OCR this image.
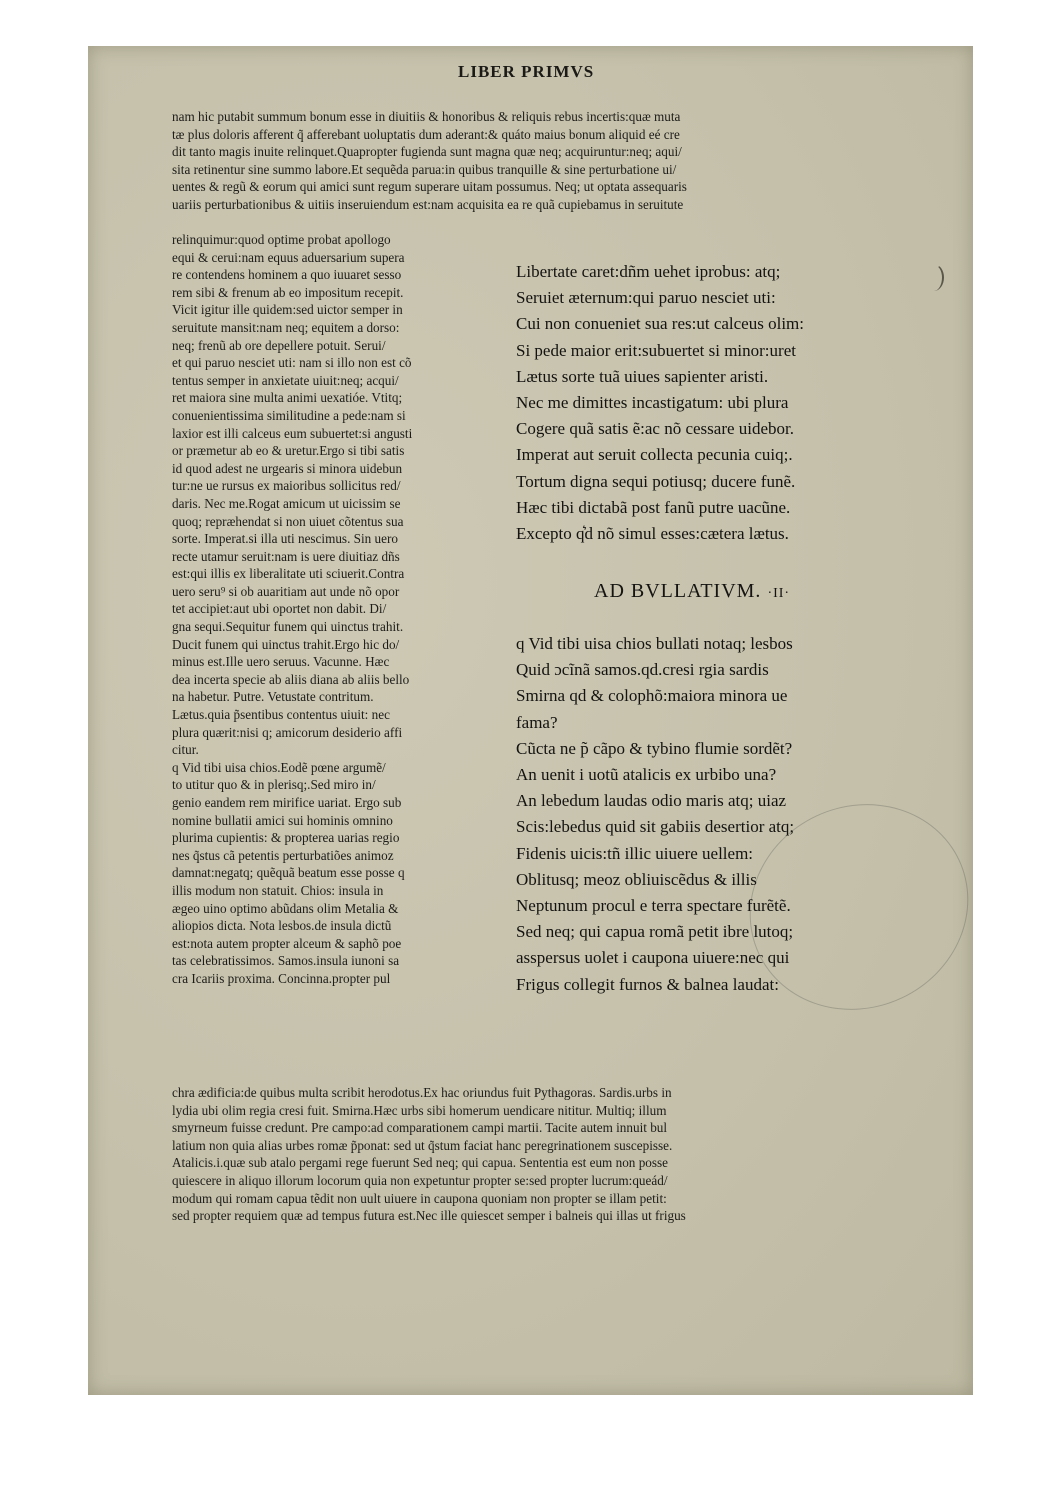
LIBER PRIMVS
nam hic putabit summum bonum esse in diuitiis & honoribus & reliquis rebus incertis:quæ muta
tæ plus doloris afferent q̃ afferebant uoluptatis dum aderant:& quáto maius bonum aliquid eé cre
dit tanto magis inuite relinquet.Quapropter fugienda sunt magna quæ neq; acquiruntur:neq; aqui/
sita retinentur sine summo labore.Et sequẽda parua:in quibus tranquille & sine perturbatione ui/
uentes & regũ & eorum qui amici sunt regum superare uitam possumus. Neq; ut optata assequaris
uariis perturbationibus & uitiis inseruiendum est:nam acquisita ea re quã cupiebamus in seruitute
relinquimur:quod optime probat apollogo
equi & cerui:nam equus aduersarium supera
re contendens hominem a quo iuuaret sesso
rem sibi & frenum ab eo impositum recepit.
Vicit igitur ille quidem:sed uictor semper in
seruitute mansit:nam neq; equitem a dorso:
neq; frenũ ab ore depellere potuit. Serui/
et qui paruo nesciet uti: nam si illo non est cõ
tentus semper in anxietate uiuit:neq; acqui/
ret maiora sine multa animi uexatióe. Vtitq;
conuenientissima similitudine a pede:nam si
laxior est illi calceus eum subuertet:si angusti
or præmetur ab eo & uretur.Ergo si tibi satis
id quod adest ne urgearis si minora uidebun
tur:ne ue rursus ex maioribus sollicitus red/
daris. Nec me.Rogat amicum ut uicissim se
quoq; repræhendat si non uiuet cõtentus sua
sorte. Imperat.si illa uti nescimus. Sin uero
recte utamur seruit:nam is uere diuitiaz dñs
est:qui illis ex liberalitate uti sciuerit.Contra
uero seru⁹ si ob auaritiam aut unde nõ opor
tet accipiet:aut ubi oportet non dabit. Di/
gna sequi.Sequitur funem qui uinctus trahit.
Ducit funem qui uinctus trahit.Ergo hic do/
minus est.Ille uero seruus. Vacunne. Hæc
dea incerta specie ab aliis diana ab aliis bello
na habetur. Putre. Vetustate contritum.
Lætus.quia p̃sentibus contentus uiuit: nec
plura quærit:nisi q; amicorum desiderio affi
citur.
q Vid tibi uisa chios.Eodẽ pœne argumẽ/
to utitur quo & in plerisq;.Sed miro in/
genio eandem rem mirifice uariat. Ergo sub
nomine bullatii amici sui hominis omnino
plurima cupientis: & propterea uarias regio
nes q̃stus cã petentis perturbatiões animoz
damnat:negatq; quẽquã beatum esse posse q
illis modum non statuit. Chios: insula in
ægeo uino optimo abũdans olim Metalia &
aliopios dicta. Nota lesbos.de insula dictũ
est:nota autem propter alceum & saphõ poe
tas celebratissimos. Samos.insula iunoni sa
cra Icariis proxima. Concinna.propter pul
Libertate caret:dñm uehet iprobus: atq;
Seruiet æternum:qui paruo nesciet uti:
Cui non conueniet sua res:ut calceus olim:
Si pede maior erit:subuertet si minor:uret
Lætus sorte tuã uiues sapienter aristi.
Nec me dimittes incastigatum: ubi plura
Cogere quã satis ẽ:ac nõ cessare uidebor.
Imperat aut seruit collecta pecunia cuiq;.
Tortum digna sequi potiusq; ducere funẽ.
Hæc tibi dictabã post fanũ putre uacũne.
Excepto q͛d nõ simul esses:cætera lætus.
AD BVLLATIVM. ·II·
q Vid tibi uisa chios bullati notaq; lesbos
Quid ɔcĩnã samos.qd.cresi rgia sardis
Smirna qd & colophõ:maiora minora ue
fama?
Cũcta ne p̃ cãpo & tybino flumie sordẽt?
An uenit i uotũ atalicis ex urbibo una?
An lebedum laudas odio maris atq; uiaz
Scis:lebedus quid sit gabiis desertior atq;
Fidenis uicis:tñ illic uiuere uellem:
Oblitusq; meoz obliuiscẽdus & illis
Neptunum procul e terra spectare furẽtẽ.
Sed neq; qui capua romã petit ibre lutoq;
asspersus uolet i caupona uiuere:nec qui
Frigus collegit furnos & balnea laudat:
chra ædificia:de quibus multa scribit herodotus.Ex hac oriundus fuit Pythagoras. Sardis.urbs in
lydia ubi olim regia cresi fuit. Smirna.Hæc urbs sibi homerum uendicare nititur. Multiq; illum
smyrneum fuisse credunt. Pre campo:ad comparationem campi martii. Tacite autem innuit bul
latium non quia alias urbes romæ p̃ponat: sed ut q̃stum faciat hanc peregrinationem suscepisse.
Atalicis.i.quæ sub atalo pergami rege fuerunt Sed neq; qui capua. Sententia est eum non posse
quiescere in aliquo illorum locorum quia non expetuntur propter se:sed propter lucrum:queád/
modum qui romam capua tẽdit non uult uiuere in caupona quoniam non propter se illam petit:
sed propter requiem quæ ad tempus futura est.Nec ille quiescet semper i balneis qui illas ut frigus
